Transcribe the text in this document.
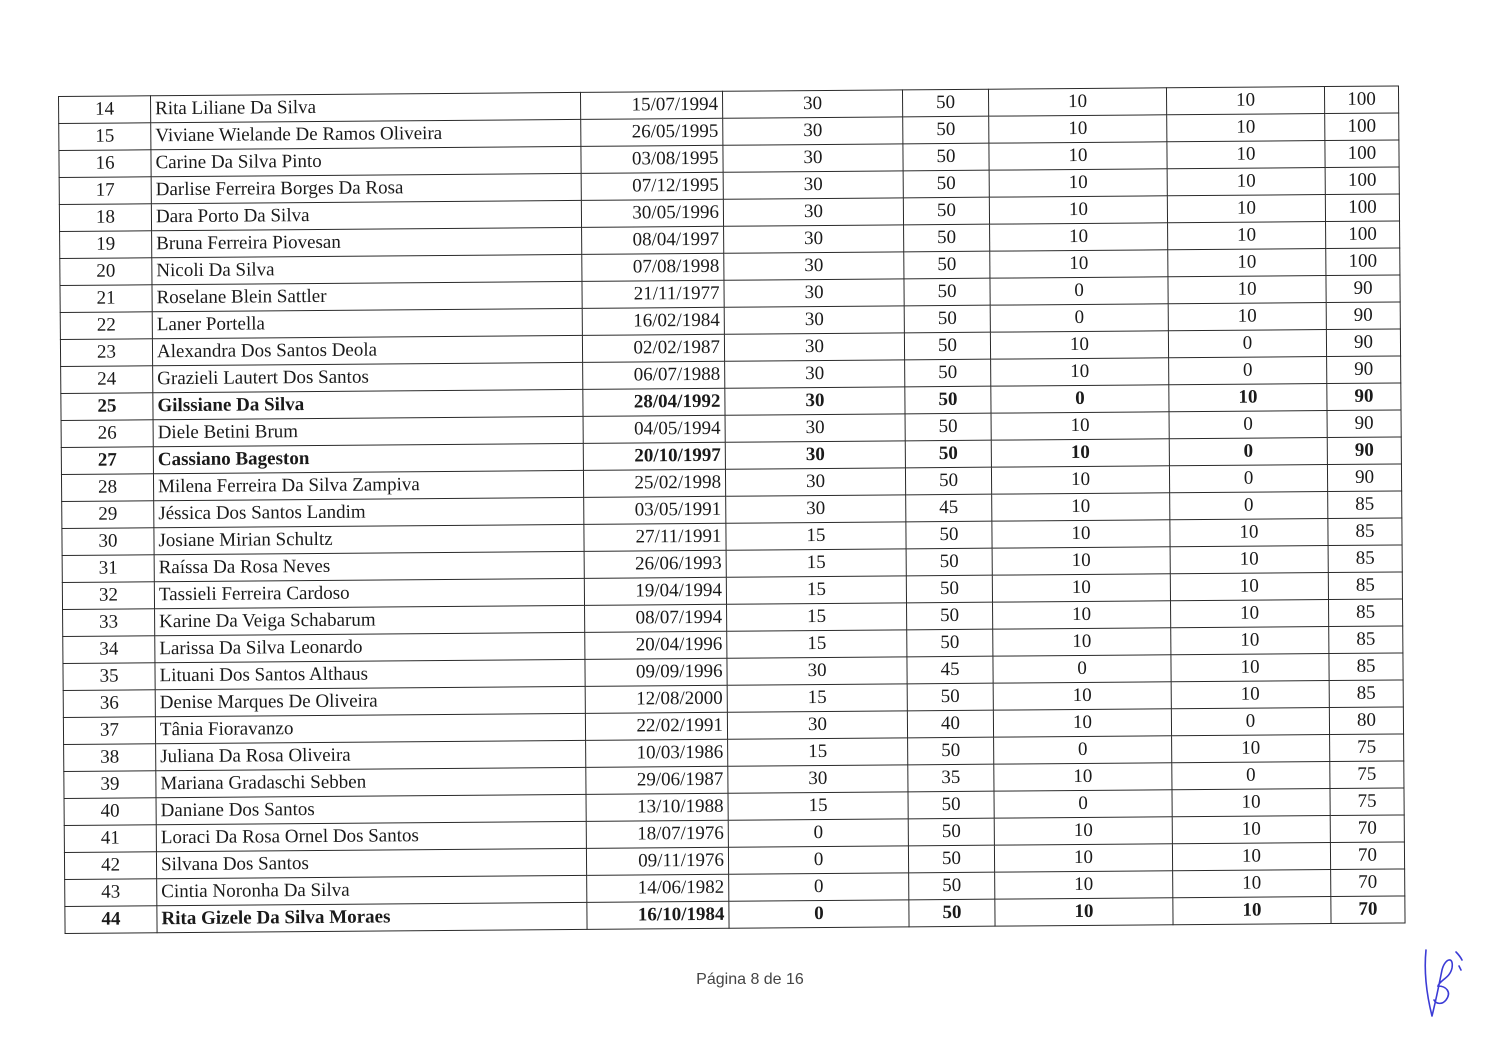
14	Rita Liliane Da Silva	15/07/1994	30	50	10	10	100
15	Viviane Wielande De Ramos Oliveira	26/05/1995	30	50	10	10	100
16	Carine Da Silva Pinto	03/08/1995	30	50	10	10	100
17	Darlise Ferreira Borges Da Rosa	07/12/1995	30	50	10	10	100
18	Dara Porto Da Silva	30/05/1996	30	50	10	10	100
19	Bruna Ferreira Piovesan	08/04/1997	30	50	10	10	100
20	Nicoli Da Silva	07/08/1998	30	50	10	10	100
21	Roselane Blein Sattler	21/11/1977	30	50	0	10	90
22	Laner Portella	16/02/1984	30	50	0	10	90
23	Alexandra Dos Santos Deola	02/02/1987	30	50	10	0	90
24	Grazieli Lautert Dos Santos	06/07/1988	30	50	10	0	90
25	Gilssiane Da Silva	28/04/1992	30	50	0	10	90
26	Diele Betini Brum	04/05/1994	30	50	10	0	90
27	Cassiano Bageston	20/10/1997	30	50	10	0	90
28	Milena Ferreira Da Silva Zampiva	25/02/1998	30	50	10	0	90
29	Jéssica Dos Santos Landim	03/05/1991	30	45	10	0	85
30	Josiane Mirian Schultz	27/11/1991	15	50	10	10	85
31	Raíssa Da Rosa Neves	26/06/1993	15	50	10	10	85
32	Tassieli Ferreira Cardoso	19/04/1994	15	50	10	10	85
33	Karine Da Veiga Schabarum	08/07/1994	15	50	10	10	85
34	Larissa Da Silva Leonardo	20/04/1996	15	50	10	10	85
35	Lituani Dos Santos Althaus	09/09/1996	30	45	0	10	85
36	Denise Marques De Oliveira	12/08/2000	15	50	10	10	85
37	Tânia Fioravanzo	22/02/1991	30	40	10	0	80
38	Juliana Da Rosa Oliveira	10/03/1986	15	50	0	10	75
39	Mariana Gradaschi Sebben	29/06/1987	30	35	10	0	75
40	Daniane Dos Santos	13/10/1988	15	50	0	10	75
41	Loraci Da Rosa Ornel Dos Santos	18/07/1976	0	50	10	10	70
42	Silvana Dos Santos	09/11/1976	0	50	10	10	70
43	Cintia Noronha Da Silva	14/06/1982	0	50	10	10	70
44	Rita Gizele Da Silva Moraes	16/10/1984	0	50	10	10	70
Página 8 de 16
